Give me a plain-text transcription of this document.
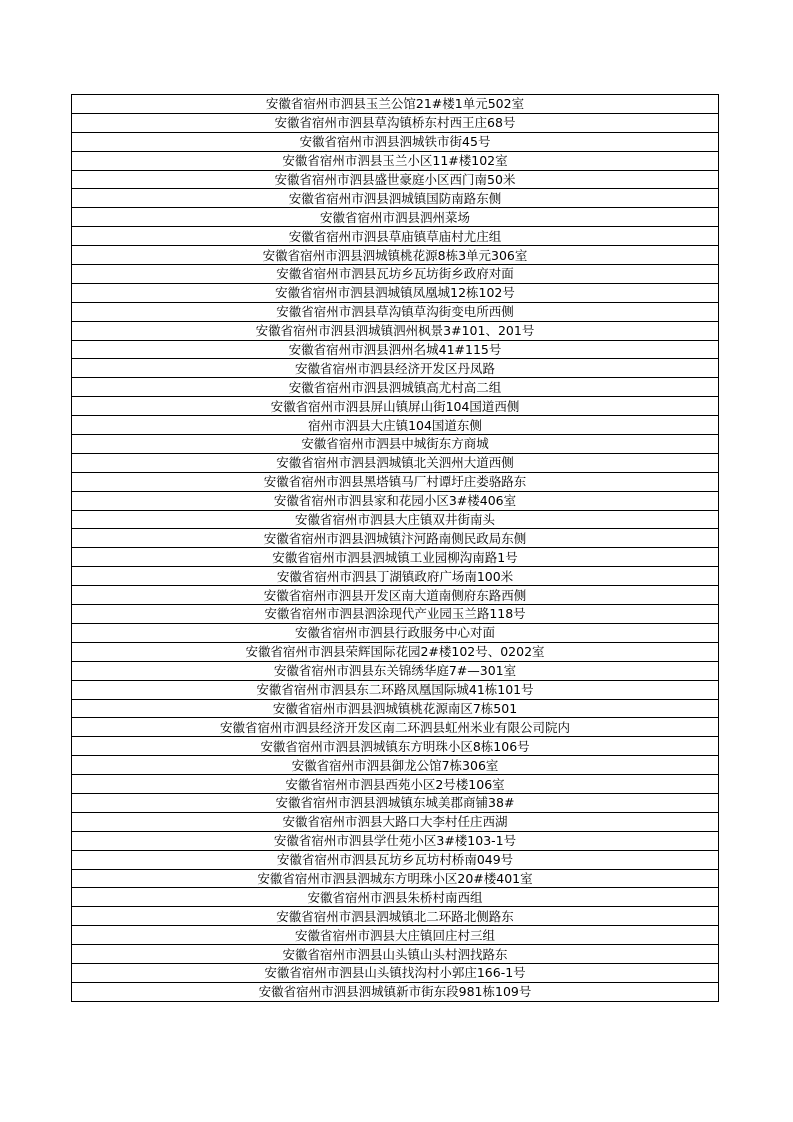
安徽省宿州市泗县玉兰公馆21#楼1单元502室
安徽省宿州市泗县草沟镇桥东村西王庄68号
安徽省宿州市泗县泗城铁市街45号
安徽省宿州市泗县玉兰小区11#楼102室
安徽省宿州市泗县盛世豪庭小区西门南50米
安徽省宿州市泗县泗城镇国防南路东侧
安徽省宿州市泗县泗州菜场
安徽省宿州市泗县草庙镇草庙村尤庄组
安徽省宿州市泗县泗城镇桃花源8栋3单元306室
安徽省宿州市泗县瓦坊乡瓦坊街乡政府对面
安徽省宿州市泗县泗城镇凤凰城12栋102号
安徽省宿州市泗县草沟镇草沟街变电所西侧
安徽省宿州市泗县泗城镇泗州枫景3#101、201号
安徽省宿州市泗县泗州名城41#115号
安徽省宿州市泗县经济开发区丹凤路
安徽省宿州市泗县泗城镇高尤村高二组
安徽省宿州市泗县屏山镇屏山街104国道西侧
宿州市泗县大庄镇104国道东侧
安徽省宿州市泗县中城街东方商城
安徽省宿州市泗县泗城镇北关泗州大道西侧
安徽省宿州市泗县黑塔镇马厂村谭圩庄娄骆路东
安徽省宿州市泗县家和花园小区3#楼406室
安徽省宿州市泗县大庄镇双井街南头
安徽省宿州市泗县泗城镇汴河路南侧民政局东侧
安徽省宿州市泗县泗城镇工业园柳沟南路1号
安徽省宿州市泗县丁湖镇政府广场南100米
安徽省宿州市泗县开发区南大道南侧府东路西侧
安徽省宿州市泗县泗涂现代产业园玉兰路118号
安徽省宿州市泗县行政服务中心对面
安徽省宿州市泗县荣辉国际花园2#楼102号、0202室
安徽省宿州市泗县东关锦绣华庭7#—301室
安徽省宿州市泗县东二环路凤凰国际城41栋101号
安徽省宿州市泗县泗城镇桃花源南区7栋501
安徽省宿州市泗县经济开发区南二环泗县虹州米业有限公司院内
安徽省宿州市泗县泗城镇东方明珠小区8栋106号
安徽省宿州市泗县御龙公馆7栋306室
安徽省宿州市泗县西苑小区2号楼106室
安徽省宿州市泗县泗城镇东城美郡商铺38#
安徽省宿州市泗县大路口大李村任庄西湖
安徽省宿州市泗县学仕苑小区3#楼103-1号
安徽省宿州市泗县瓦坊乡瓦坊村桥南049号
安徽省宿州市泗县泗城东方明珠小区20#楼401室
安徽省宿州市泗县朱桥村南西组
安徽省宿州市泗县泗城镇北二环路北侧路东
安徽省宿州市泗县大庄镇回庄村三组
安徽省宿州市泗县山头镇山头村泗找路东
安徽省宿州市泗县山头镇找沟村小郭庄166-1号
安徽省宿州市泗县泗城镇新市街东段981栋109号
